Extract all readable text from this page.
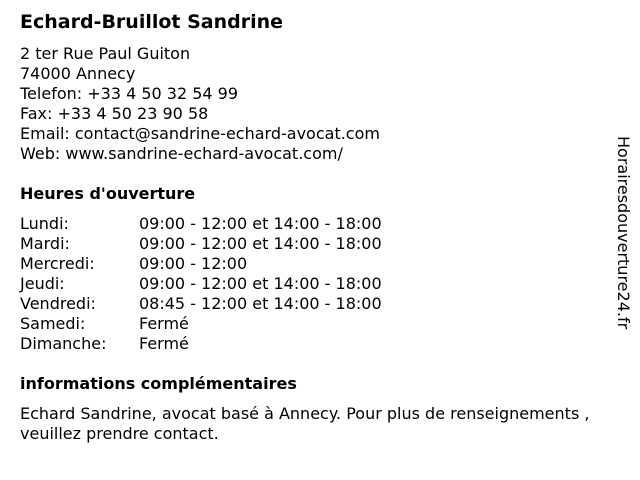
Echard-Bruillot Sandrine
2 ter Rue Paul Guiton
74000 Annecy
Telefon: +33 4 50 32 54 99
Fax: +33 4 50 23 90 58
Email: contact@sandrine-echard-avocat.com
Web: www.sandrine-echard-avocat.com/
Heures d'ouverture
Lundi:	09:00 - 12:00 et 14:00 - 18:00
Mardi:	09:00 - 12:00 et 14:00 - 18:00
Mercredi:	09:00 - 12:00
Jeudi:	09:00 - 12:00 et 14:00 - 18:00
Vendredi:	08:45 - 12:00 et 14:00 - 18:00
Samedi:	Fermé
Dimanche:	Fermé
informations complémentaires
Echard Sandrine, avocat basé à Annecy. Pour plus de renseignements , veuillez prendre contact.
Horairesdouverture24.fr
